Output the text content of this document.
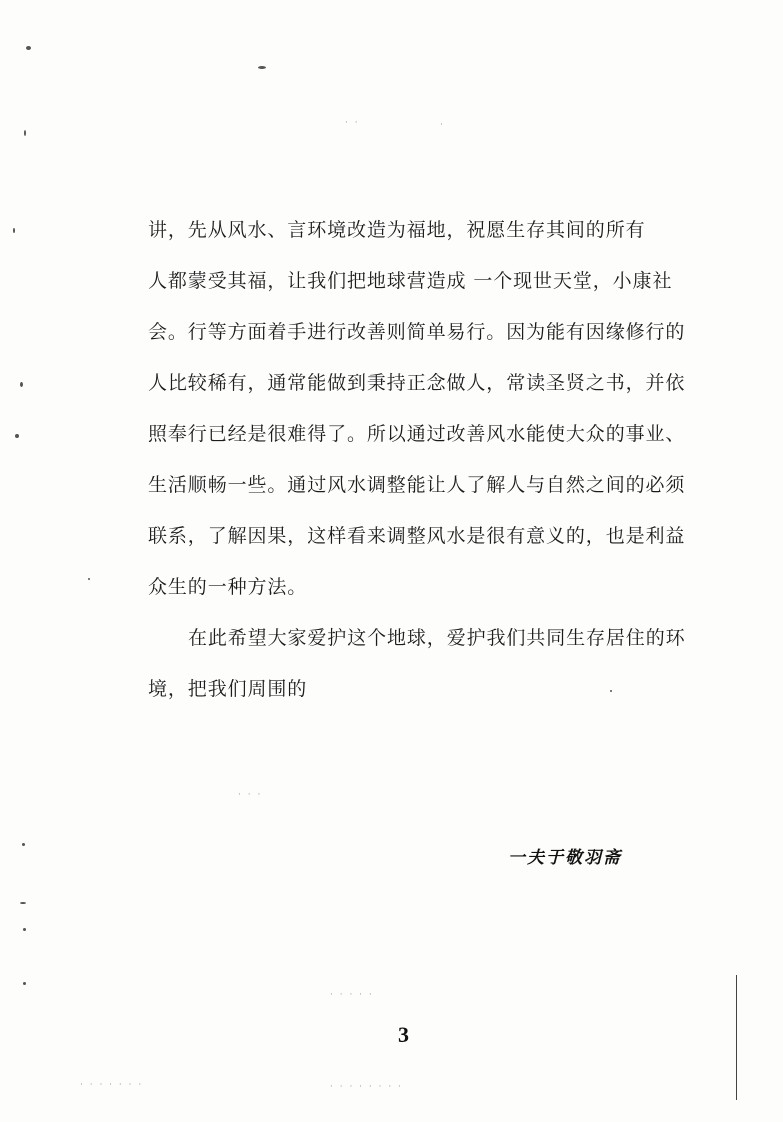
· ·	·
· · ·
· · · · ·
· · · · · · ·	· · · · · · · ·

讲，先从风水、言环境改造为福地，祝愿生存其间的所有
人都蒙受其福，让我们把地球营造成 一个现世天堂，小康社
会。行等方面着手进行改善则简单易行。因为能有因缘修行的
人比较稀有，通常能做到秉持正念做人，常读圣贤之书，并依
照奉行已经是很难得了。所以通过改善风水能使大众的事业、
生活顺畅一些。通过风水调整能让人了解人与自然之间的必须
联系，了解因果，这样看来调整风水是很有意义的，也是利益
众生的一种方法。

在此希望大家爱护这个地球，爱护我们共同生存居住的环
境，把我们周围的

一夫于敬羽斋
3
